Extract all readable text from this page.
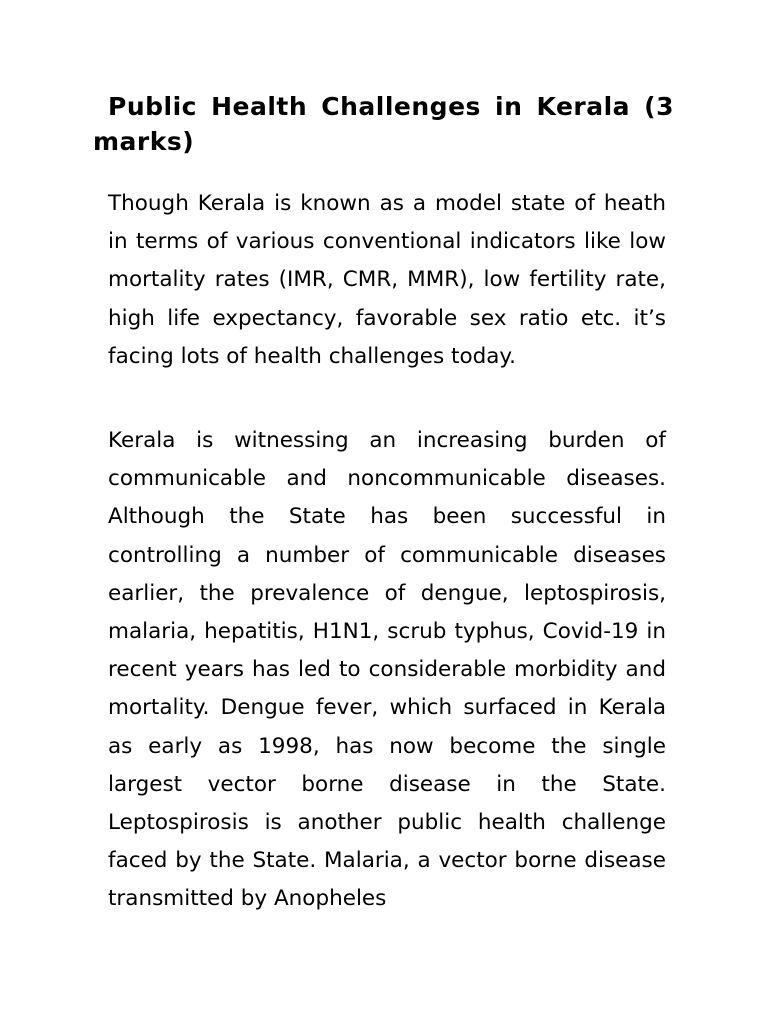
Public Health Challenges in Kerala (3 marks)

Though Kerala is known as a model state of heath in terms of various conventional indicators like low mortality rates (IMR, CMR, MMR), low fertility rate, high life expectancy, favorable sex ratio etc. it’s facing lots of health challenges today.

Kerala is witnessing an increasing burden of communicable and noncommunicable diseases. Although the State has been successful in controlling a number of communicable diseases earlier, the prevalence of dengue, leptospirosis, malaria, hepatitis, H1N1, scrub typhus, Covid-19 in recent years has led to considerable morbidity and mortality. Dengue fever, which surfaced in Kerala as early as 1998, has now become the single largest vector borne disease in the State. Leptospirosis is another public health challenge faced by the State. Malaria, a vector borne disease transmitted by Anopheles
